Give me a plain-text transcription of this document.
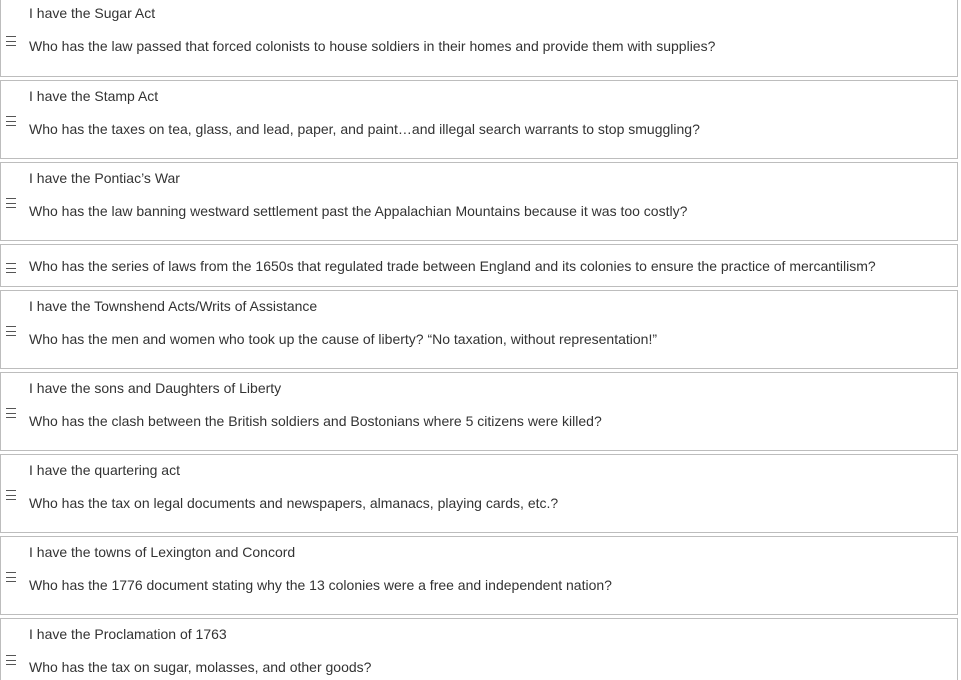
I have the Sugar Act
Who has the law passed that forced colonists to house soldiers in their homes and provide them with supplies?
I have the Stamp Act
Who has the taxes on tea, glass, and lead, paper, and paint…and illegal search warrants to stop smuggling?
I have the Pontiac’s War
Who has the law banning westward settlement past the Appalachian Mountains because it was too costly?
Who has the series of laws from the 1650s that regulated trade between England and its colonies to ensure the practice of mercantilism?
I have the Townshend Acts/Writs of Assistance
Who has the men and women who took up the cause of liberty? “No taxation, without representation!”
I have the sons and Daughters of Liberty
Who has the clash between the British soldiers and Bostonians where 5 citizens were killed?
I have the quartering act
Who has the tax on legal documents and newspapers, almanacs, playing cards, etc.?
I have the towns of Lexington and Concord
Who has the 1776 document stating why the 13 colonies were a free and independent nation?
I have the Proclamation of 1763
Who has the tax on sugar, molasses, and other goods?
